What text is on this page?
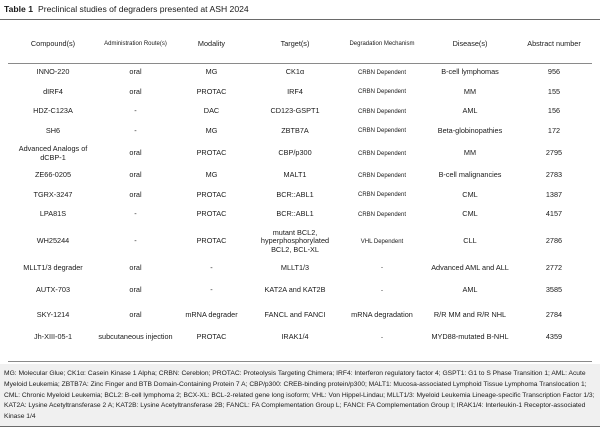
Table 1 Preclinical studies of degraders presented at ASH 2024
Compound(s)	Administration Route(s)	Modality	Target(s)	Degradation Mechanism	Disease(s)	Abstract number
INNO-220	oral	MG	CK1α	CRBN Dependent	B-cell lymphomas	956
dIRF4	oral	PROTAC	IRF4	CRBN Dependent	MM	155
HDZ-C123A	-	DAC	CD123-GSPT1	CRBN Dependent	AML	156
SH6	-	MG	ZBTB7A	CRBN Dependent	Beta-globinopathies	172
Advanced Analogs of dCBP-1	oral	PROTAC	CBP/p300	CRBN Dependent	MM	2795
ZE66-0205	oral	MG	MALT1	CRBN Dependent	B-cell malignancies	2783
TGRX-3247	oral	PROTAC	BCR::ABL1	CRBN Dependent	CML	1387
LPA81S	-	PROTAC	BCR::ABL1	CRBN Dependent	CML	4157
WH25244	-	PROTAC	mutant BCL2, hyperphosphorylated BCL2, BCL-XL	VHL Dependent	CLL	2786
MLLT1/3 degrader	oral	-	MLLT1/3	-	Advanced AML and ALL	2772
AUTX-703	oral	-	KAT2A and KAT2B	-	AML	3585
SKY-1214	oral	mRNA degrader	FANCL and FANCI	mRNA degradation	R/R MM and R/R NHL	2784
Jh-XIII-05-1	subcutaneous injection	PROTAC	IRAK1/4	-	MYD88-mutated B-NHL	4359

MG: Molecular Glue; CK1α: Casein Kinase 1 Alpha; CRBN: Cereblon; PROTAC: Proteolysis Targeting Chimera; IRF4: Interferon regulatory factor 4; GSPT1: G1 to S Phase Transition 1; AML: Acute Myeloid Leukemia; ZBTB7A: Zinc Finger and BTB Domain-Containing Protein 7 A; CBP/p300: CREB-binding protein/p300; MALT1: Mucosa-associated Lymphoid Tissue Lymphoma Translocation 1; CML: Chronic Myeloid Leukemia; BCL2: B-cell lymphoma 2; BCX-XL: BCL-2-related gene long isoform; VHL: Von Hippel-Lindau; MLLT1/3: Myeloid Leukemia Lineage-specific Transcription Factor 1/3; KAT2A: Lysine Acetyltransferase 2 A; KAT2B: Lysine Acetyltransferase 2B; FANCL: FA Complementation Group L; FANCI: FA Complementation Group I; IRAK1/4: Interleukin-1 Receptor-associated Kinase 1/4
